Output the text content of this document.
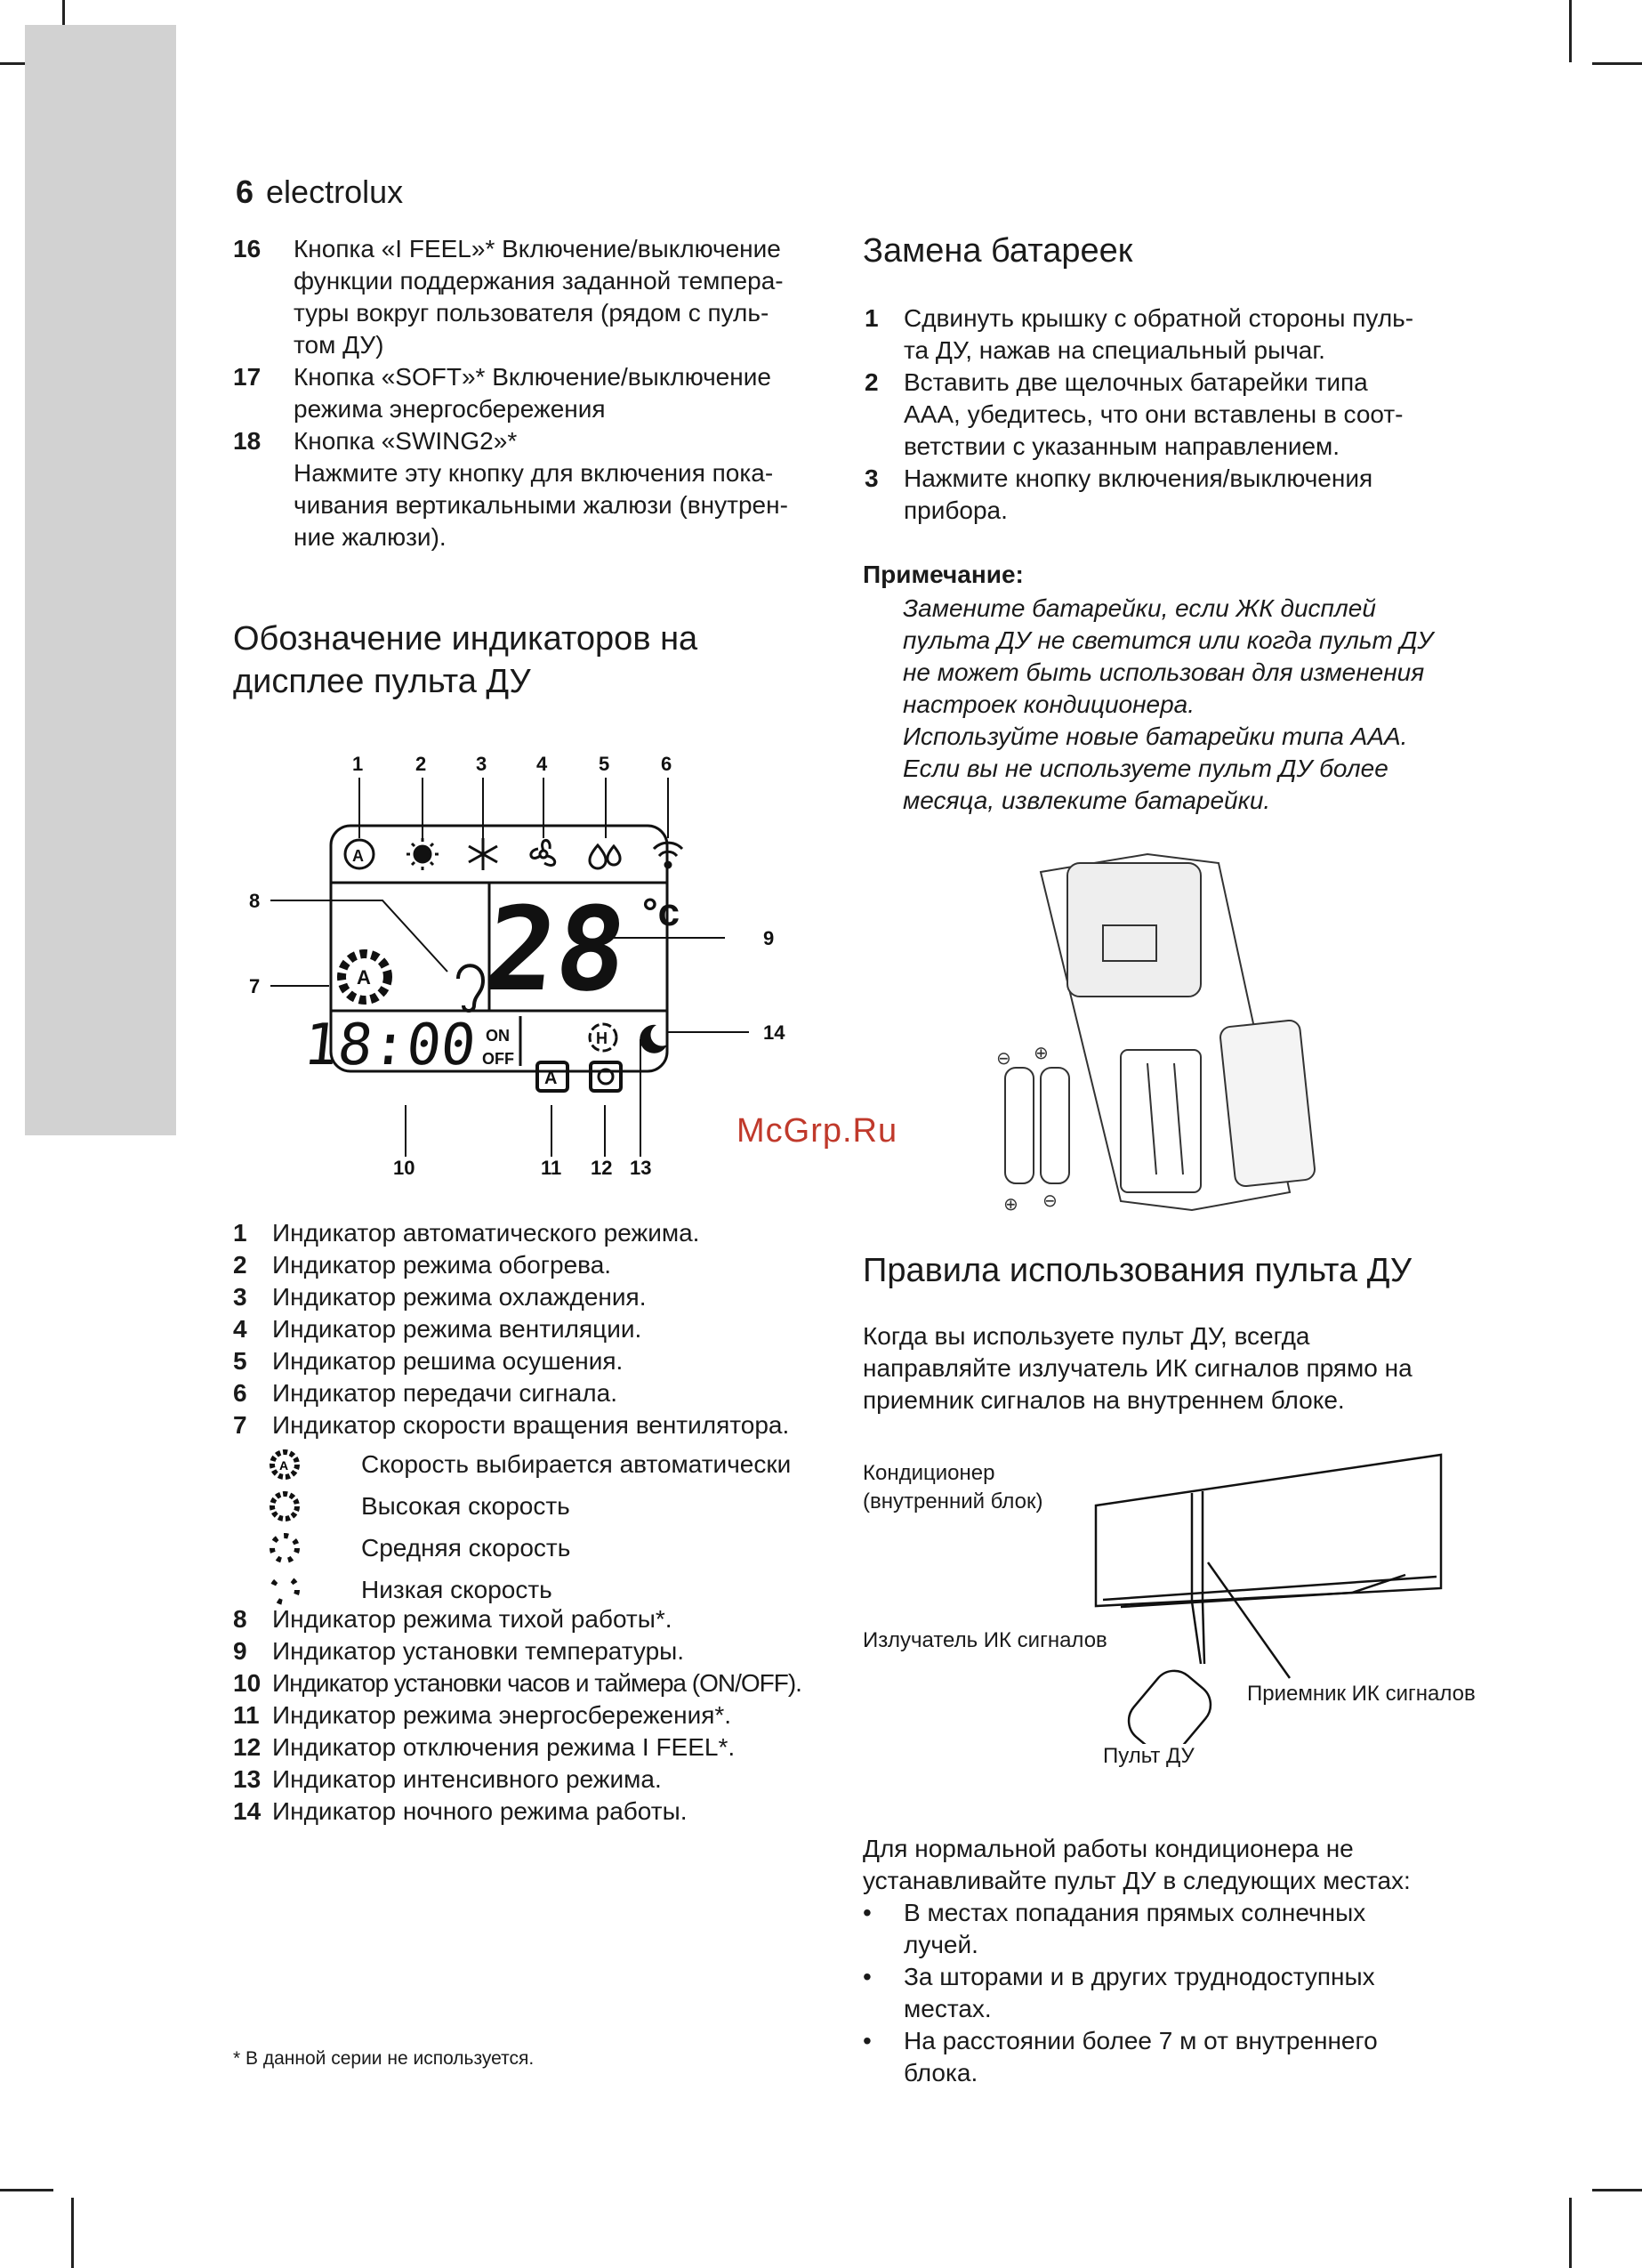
6 electrolux
16 Кнопка «I FEEL»* Включение/выключение
функции поддержания заданной темпера-
туры вокруг пользователя (рядом с пуль-
том ДУ)
17 Кнопка «SOFT»* Включение/выключение
режима энергосбережения
18 Кнопка «SWING2»*
Нажмите эту кнопку для включения пока-
чивания вертикальными жалюзи (внутрен-
ние жалюзи).
Обозначение индикаторов на
дисплее пульта ДУ
1	2	3	4	5	6
7
8
9
10	11 12 13
14
A
A 28 °c
18:00 ON
OFF
A
H
1 Индикатор автоматического режима.
2 Индикатор режима обогрева.
3 Индикатор режима охлаждения.
4 Индикатор режима вентиляции.
5 Индикатор решима осушения.
6 Индикатор передачи сигнала.
7 Индикатор скорости вращения вентилятора.
A	Скорость выбирается автоматически
Высокая скорость
Средняя скорость
Низкая скорость
8 Индикатор режима тихой работы*.
9 Индикатор установки температуры.
10 Индикатор установки часов и таймера (ON/OFF).
11 Индикатор режима энергосбережения*.
12 Индикатор отключения режима I FEEL*.
13 Индикатор интенсивного режима.
14 Индикатор ночного режима работы.
* В данной серии не используется.
Замена батареек
1 Сдвинуть крышку с обратной стороны пуль-
та ДУ, нажав на специальный рычаг.
2 Вставить две щелочных батарейки типа
ААА, убедитесь, что они вставлены в соот-
ветствии с указанным направлением.
3 Нажмите кнопку включения/выключения
прибора.
Примечание:
Замените батарейки, если ЖК дисплей
пульта ДУ не светится или когда пульт ДУ
не может быть использован для изменения
настроек кондиционера.
Используйте новые батарейки типа ААА.
Если вы не используете пульт ДУ более
месяца, извлеките батарейки.
⊖ ⊕
⊕ ⊖
McGrp.Ru
Правила использования пульта ДУ
Когда вы используете пульт ДУ, всегда
направляйте излучатель ИК сигналов прямо на
приемник сигналов на внутреннем блоке.
Кондиционер
(внутренний блок)
Излучатель ИК сигналов
Приемник ИК сигналов
Пульт ДУ
Для нормальной работы кондиционера не
устанавливайте пульт ДУ в следующих местах:
• В местах попадания прямых солнечных
лучей.
• За шторами и в других труднодоступных
местах.
• На расстоянии более 7 м от внутреннего
блока.
